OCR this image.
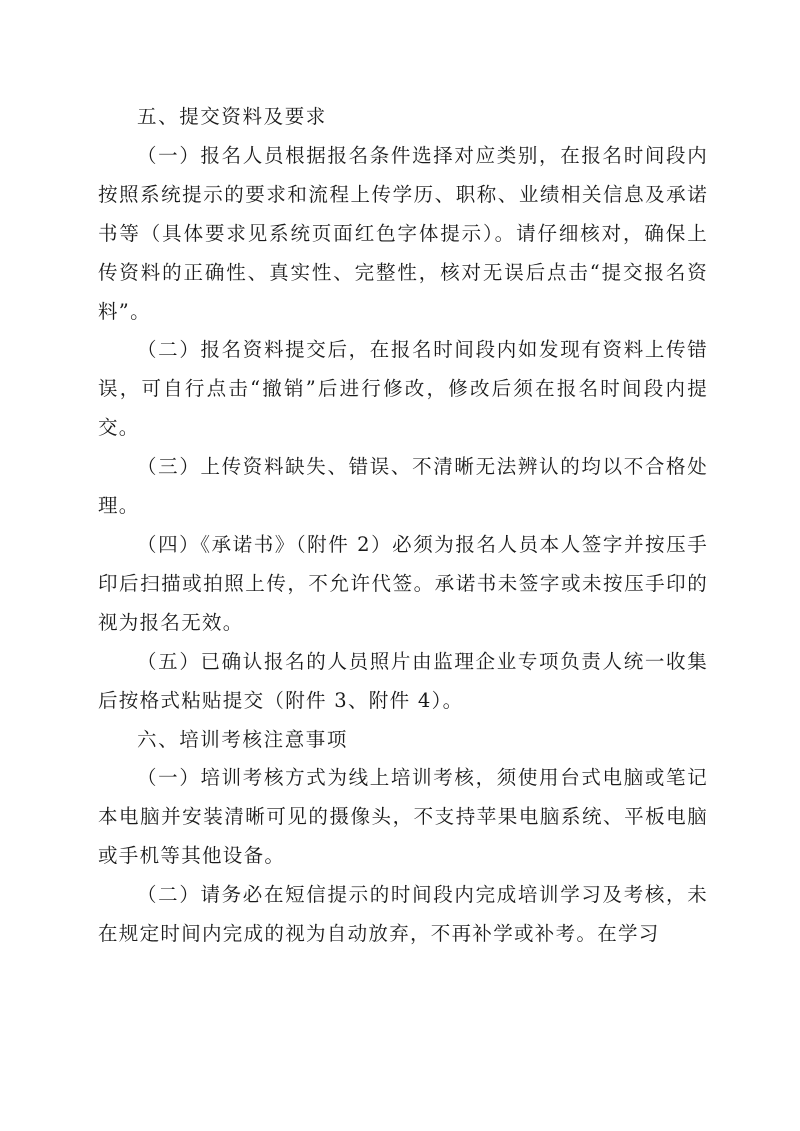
五、提交资料及要求

（一）报名人员根据报名条件选择对应类别，在报名时间段内按照系统提示的要求和流程上传学历、职称、业绩相关信息及承诺书等（具体要求见系统页面红色字体提示）。请仔细核对，确保上传资料的正确性、真实性、完整性，核对无误后点击“提交报名资料”。

（二）报名资料提交后，在报名时间段内如发现有资料上传错误，可自行点击“撤销”后进行修改，修改后须在报名时间段内提交。

（三）上传资料缺失、错误、不清晰无法辨认的均以不合格处理。

（四）《承诺书》（附件 2）必须为报名人员本人签字并按压手印后扫描或拍照上传，不允许代签。承诺书未签字或未按压手印的视为报名无效。

（五）已确认报名的人员照片由监理企业专项负责人统一收集后按格式粘贴提交（附件 3、附件 4）。

六、培训考核注意事项

（一）培训考核方式为线上培训考核，须使用台式电脑或笔记本电脑并安装清晰可见的摄像头，不支持苹果电脑系统、平板电脑或手机等其他设备。

（二）请务必在短信提示的时间段内完成培训学习及考核，未在规定时间内完成的视为自动放弃，不再补学或补考。在学习
